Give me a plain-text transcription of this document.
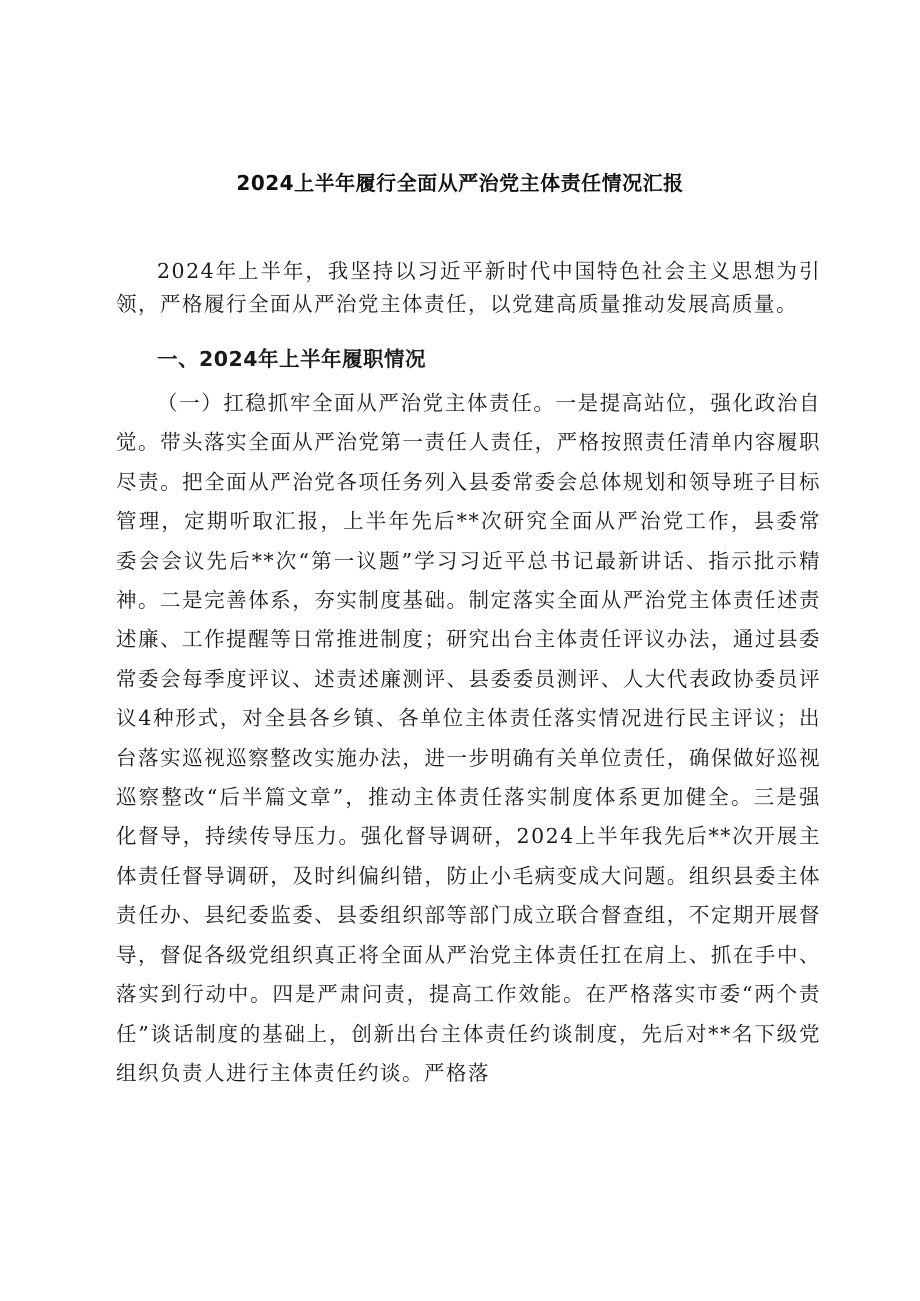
2024上半年履行全面从严治党主体责任情况汇报

2024年上半年，我坚持以习近平新时代中国特色社会主义思想为引领，严格履行全面从严治党主体责任，以党建高质量推动发展高质量。

一、2024年上半年履职情况

（一）扛稳抓牢全面从严治党主体责任。一是提高站位，强化政治自觉。带头落实全面从严治党第一责任人责任，严格按照责任清单内容履职尽责。把全面从严治党各项任务列入县委常委会总体规划和领导班子目标管理，定期听取汇报，上半年先后**次研究全面从严治党工作，县委常委会会议先后**次“第一议题”学习习近平总书记最新讲话、指示批示精神。二是完善体系，夯实制度基础。制定落实全面从严治党主体责任述责述廉、工作提醒等日常推进制度；研究出台主体责任评议办法，通过县委常委会每季度评议、述责述廉测评、县委委员测评、人大代表政协委员评议4种形式，对全县各乡镇、各单位主体责任落实情况进行民主评议；出台落实巡视巡察整改实施办法，进一步明确有关单位责任，确保做好巡视巡察整改“后半篇文章”，推动主体责任落实制度体系更加健全。三是强化督导，持续传导压力。强化督导调研，2024上半年我先后**次开展主体责任督导调研，及时纠偏纠错，防止小毛病变成大问题。组织县委主体责任办、县纪委监委、县委组织部等部门成立联合督查组，不定期开展督导，督促各级党组织真正将全面从严治党主体责任扛在肩上、抓在手中、落实到行动中。四是严肃问责，提高工作效能。在严格落实市委“两个责任”谈话制度的基础上，创新出台主体责任约谈制度，先后对**名下级党组织负责人进行主体责任约谈。严格落
